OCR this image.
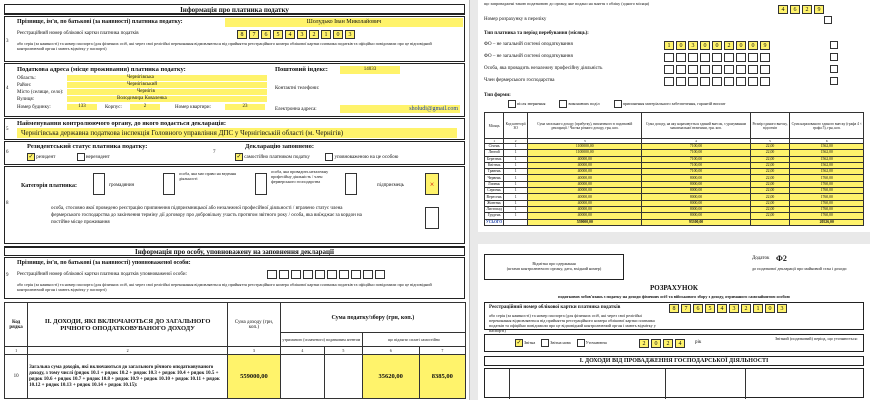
Інформація про платника податку
Прізвище, ім'я, по батькові (за наявності) платника податку:	Шолудько Іван Миколайович
3
Реєстраційний номер облікової картки платника податків	8	7	6	5	4	3	2	1	0	3
або серія (за наявності) та номер паспорта (для фізичних осіб, які через свої релігійні переконання відмовляються від прийняття реєстраційного номера облікової картки платника податків та офіційно повідомили про це відповідний контролюючий орган і мають відмітку у паспорті)
4
Податкова адреса (місце проживання) платника податку:	Поштовий індекс:	14033
Область:	Чернігівська
Район:	Чернігівський
Місто (селище, село):	Чернігів
Вулиця:	Володимира Коваленка
Номер будинку:	133	Корпус:	2	Номер квартири:	23
Контактні телефони:
Електронна адреса:	sholudi@gmail.com
5
Найменування контролюючого органу, до якого подається декларація:
Чернігівська державна податкова інспекція Головного управління ДПС у Чернігівській області (м. Чернігів)
6
Резидентський статус платника податку:
✓ резидент	нерезидент
7
Декларацію заповнено:
✓ самостійно платником податку	уповноваженою на це особою
8
Категорія платника:	громадянин
особа, яка має право на ведення діяльності
особа, яка провадить незалежну професійну діяльність / член фермерського господарства
підприємець	×
особа, стосовно якої проведено реєстрацію припинення підприємницької або незалежної професійної діяльності / втрачено статус члена фермерського господарства до закінчення терміну дії договору про добровільну участь протягом звітного року / особа, яка виїжджає за кордон на постійне місце проживання
Інформація про особу, уповноважену на заповнення декларації
9
Прізвище, ім'я, по батькові (за наявності) уповноваженої особи:
Реєстраційний номер облікової картки платника податків уповноваженої особи:
або серія (за наявності) та номер паспорта (для фізичних осіб, які через свої релігійні переконання відмовляються від прийняття реєстраційного номера облікової картки платника податків та офіційно повідомили про це відповідний контролюючий орган і мають відмітку у паспорті)
Код рядка	II. ДОХОДИ, ЯКІ ВКЛЮЧАЮТЬСЯ ДО ЗАГАЛЬНОГО РІЧНОГО ОПОДАТКОВУВАНОГО ДОХОДУ	Сума доходу (грн, коп.)	Сума податку/збору (грн, коп.)			
			утриманого (сплаченого) податковим агентом		що підлягає сплаті самостійно	
1	2	3	4	5	6	7
10	Загальна сума доходів, які включаються до загального річного оподатковуваного доходу, з тому числі (рядок 10.1 + рядок 10.2 + рядок 10.3 + рядок 10.4 + рядок 10.5 + рядок 10.6 + рядок 10.7 + рядок 10.8 + рядок 10.9 + рядок 10.10 + рядок 10.11 + рядок 10.12 + рядок 10.13 + рядок 10.14 + рядок 10.15):	559000,00			35620,00	8385,00
що запроваджені такою податковою до органу, яке подано на зняття з обліку (одного місяця)
4	6	2	9
Номер розрахунку в переліку
Тип платника та період перебування (місяць):
ФО – не загальній системі оподаткування	1	0	3	0	0	2	0	0	9
ФО – не загальній системі оподаткування
Особа, яка провадить незалежну професійну діяльність
Член фермерського господарства
Тип форми:
після звернення	виконавчих поділ	припинення матеріального забезпечення, гарантій виплат
Місяць	Код категорії ЗО	Сума загального доходу (прибутку), виплаченого в податковій декларації / Частка річного доходу, грн, коп.	Сума доходу, на яку нараховується єдиний внесок, з урахуванням максимальної величини, грн. коп.	Розмір єдиного внеску, відсотків	Сума нарахованого єдиного внеску (графа 4 × графа 5), грн, коп.
1	2	3	4	5	6
Січень	1	1100000,00	7100,00	22,00	1562,00
Лютий	1	1100000,00	7100,00	22,00	1562,00
Березень	1	40000,00	7100,00	22,00	1562,00
Квітень	1	40000,00	7100,00	22,00	1562,00
Травень	1	40000,00	7100,00	22,00	1562,00
Червень	1	40000,00	8000,00	22,00	1760,00
Липень	1	40000,00	8000,00	22,00	1760,00
Серпень	1	40000,00	8000,00	22,00	1760,00
Вересень	1	40000,00	8000,00	22,00	1760,00
Жовтень	1	40000,00	8000,00	22,00	1760,00
Листопад	1	40000,00	8000,00	22,00	1760,00
Грудень	1	40000,00	8000,00	22,00	1760,00
УСЬОГО		559000,00	93300,00		20526,00
Відмітка про одержання
(штамп контролюючого органу, дата, вхідний номер)
Додаток Ф2
до податкової декларації про майновий стан і доходи
РОЗРАХУНОК
податкових зобов'язань з податку на доходи фізичних осіб та військового збору з доходу, отриманого самозайнятою особою
Реєстраційний номер облікової картки платника податків	8	7	6	5	4	3	2	1	0	3
або серія (за наявності) та номер паспорта (для фізичних осіб, які через свої релігійні переконання відмовляються від прийняття реєстраційного номера облікової картки платника податків та офіційно повідомили про це відповідний контролюючий орган і мають відмітку у паспорті)
✓ Звітна	Звітна нова	Уточнююча	2	0	2	4	рік
Звітний (податковий) період, що уточнюється:
І. ДОХОДИ ВІД ПРОВАДЖЕННЯ ГОСПОДАРСЬКОЇ ДІЯЛЬНОСТІ
